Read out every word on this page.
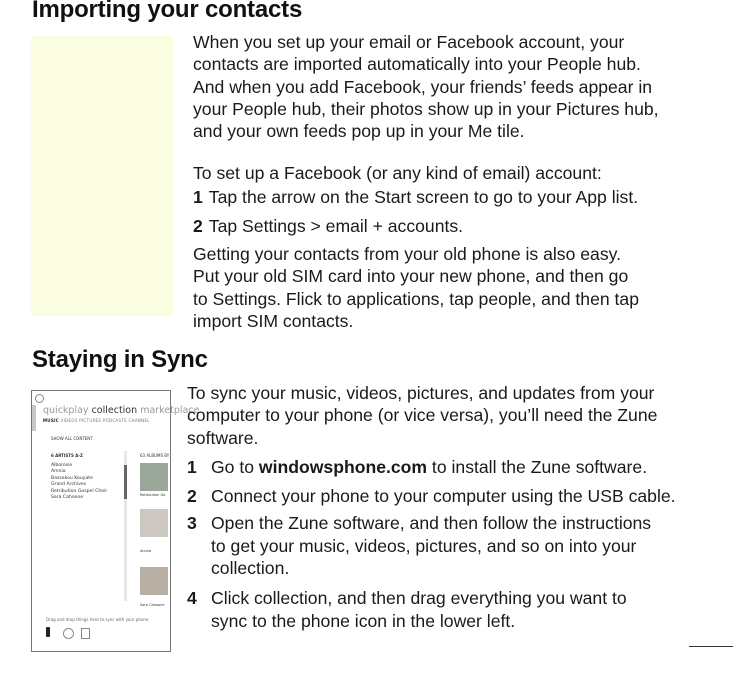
Importing your contacts

When you set up your email or Facebook account, your

contacts are imported automatically into your People hub.

And when you add Facebook, your friends’ feeds appear in

your People hub, their photos show up in your Pictures hub,

and your own feeds pop up in your Me tile.

To set up a Facebook (or any kind of email) account:
1 Tap the arrow on the Start screen to go to your App list.
2 Tap Settings > email + accounts.

Getting your contacts from your old phone is also easy.

Put your old SIM card into your new phone, and then go

to Settings. Flick to applications, tap people, and then tap

import SIM contacts.

Staying in Sync
quickplay collection marketplace
MUSIC VIDEOS PICTURES PODCASTS CHANNEL
SHOW ALL CONTENT
6 ARTISTS A-Z
Alborosie
Amnia
Bassekou Kouyate
Grand Archives
Retribution Gospel Choir
Sara Cahoone
63 ALBUMS BY
Retribution Go
Amnia
Sara Cahoone
Drag and drop things here to sync with your phone

To sync your music, videos, pictures, and updates from your

computer to your phone (or vice versa), you’ll need the Zune

software.

1 Go to windowsphone.com to install the Zune software.
2 Connect your phone to your computer using the USB cable.
3 Open the Zune software, and then follow the instructions
to get your music, videos, pictures, and so on into your
collection.
4 Click collection, and then drag everything you want to
sync to the phone icon in the lower left.
